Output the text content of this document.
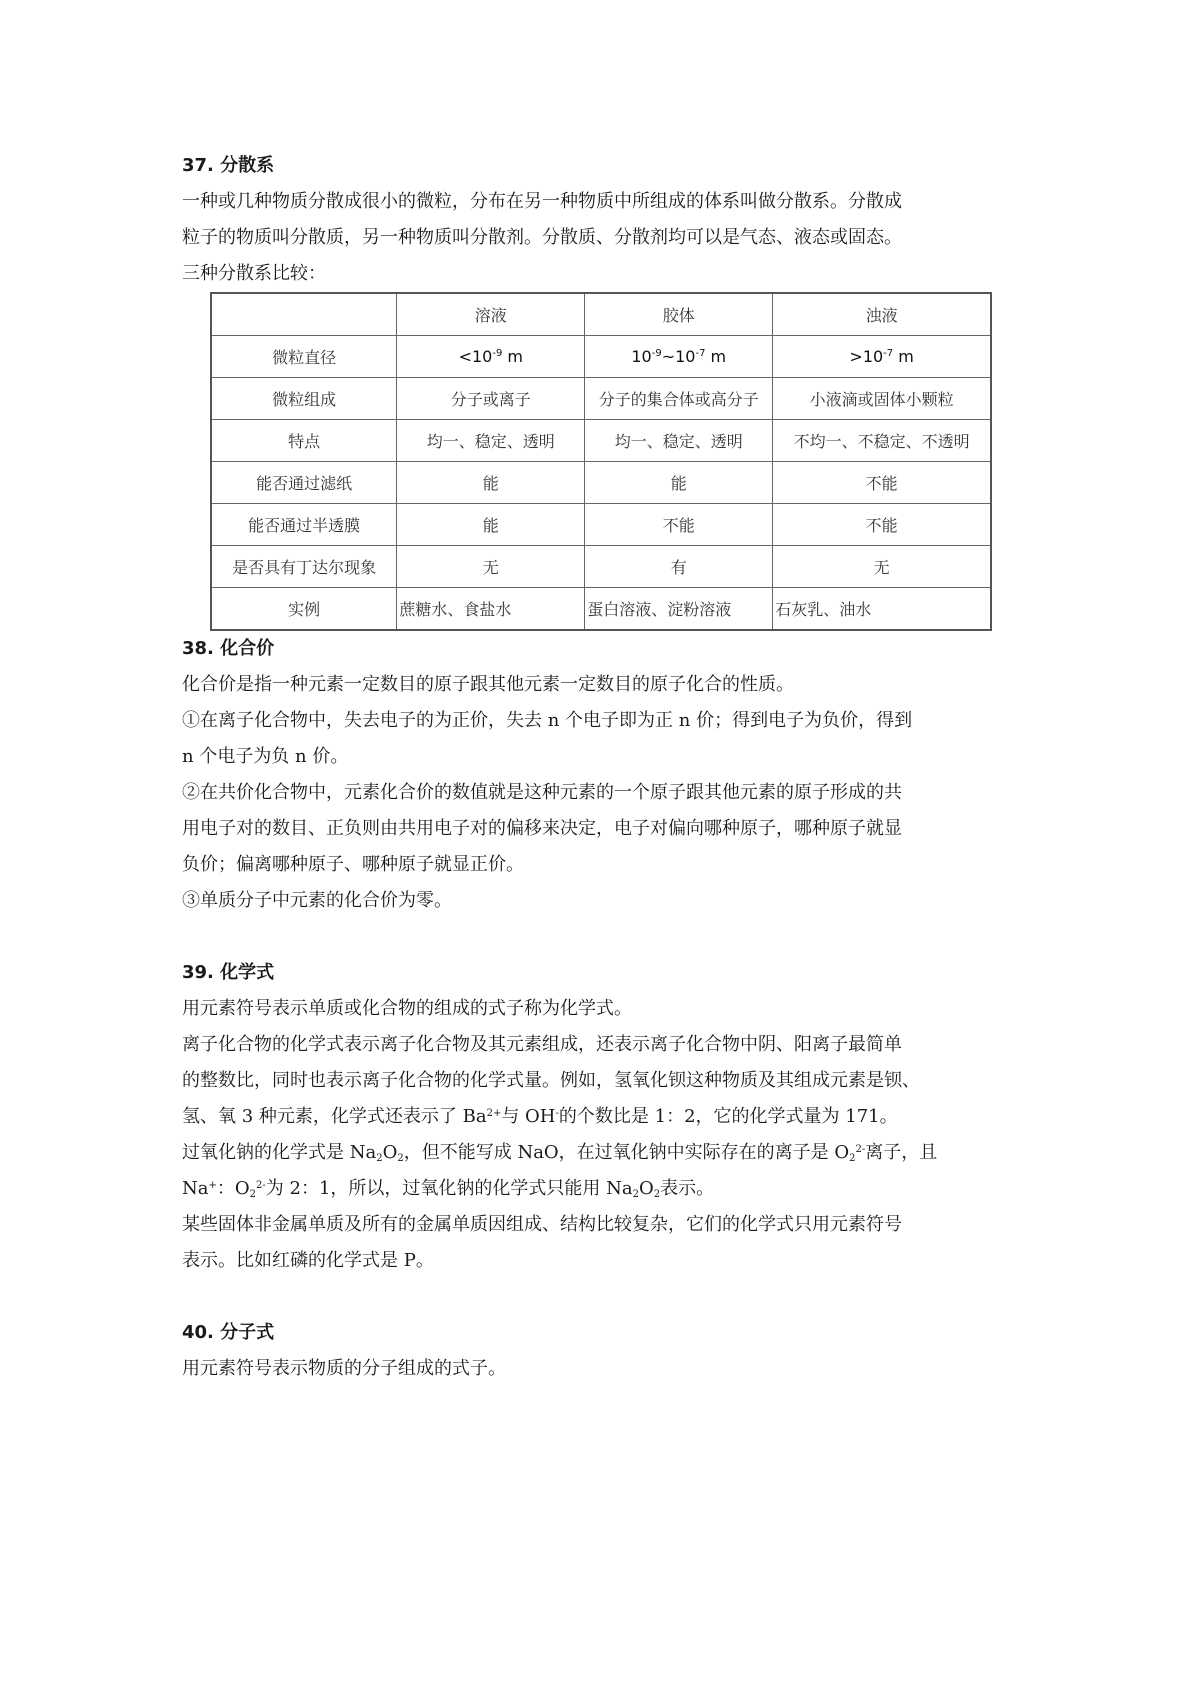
37. 分散系
一种或几种物质分散成很小的微粒，分布在另一种物质中所组成的体系叫做分散系。分散成
粒子的物质叫分散质，另一种物质叫分散剂。分散质、分散剂均可以是气态、液态或固态。
三种分散系比较：
	溶液	胶体	浊液
微粒直径	$<10^{-9}$ m	$10^{-9}\sim 10^{-7}$ m	$>10^{-7}$ m
微粒组成	分子或离子	分子的集合体或高分子	小液滴或固体小颗粒
特点	均一、稳定、透明	均一、稳定、透明	不均一、不稳定、不透明
能否通过滤纸	能	能	不能
能否通过半透膜	能	不能	不能
是否具有丁达尔现象	无	有	无
实例	蔗糖水、食盐水	蛋白溶液、淀粉溶液	石灰乳、油水
38. 化合价
化合价是指一种元素一定数目的原子跟其他元素一定数目的原子化合的性质。
①在离子化合物中，失去电子的为正价，失去 n 个电子即为正 n 价；得到电子为负价，得到
n 个电子为负 n 价。
②在共价化合物中，元素化合价的数值就是这种元素的一个原子跟其他元素的原子形成的共
用电子对的数目、正负则由共用电子对的偏移来决定，电子对偏向哪种原子，哪种原子就显
负价；偏离哪种原子、哪种原子就显正价。
③单质分子中元素的化合价为零。
39. 化学式
用元素符号表示单质或化合物的组成的式子称为化学式。
离子化合物的化学式表示离子化合物及其元素组成，还表示离子化合物中阴、阳离子最简单
的整数比，同时也表示离子化合物的化学式量。例如，氢氧化钡这种物质及其组成元素是钡、
氢、氧 3 种元素，化学式还表示了 $Ba^{2+}$与 OH-的个数比是 1：2，它的化学式量为 171。
过氧化钠的化学式是 $Na_2O_2$，但不能写成 NaO，在过氧化钠中实际存在的离子是 $O_2^{2-}$离子，且
Na+：$O_2^{2-}$为 2：1，所以，过氧化钠的化学式只能用 $Na_2O_2$表示。
某些固体非金属单质及所有的金属单质因组成、结构比较复杂，它们的化学式只用元素符号
表示。比如红磷的化学式是 P。
40. 分子式
用元素符号表示物质的分子组成的式子。
